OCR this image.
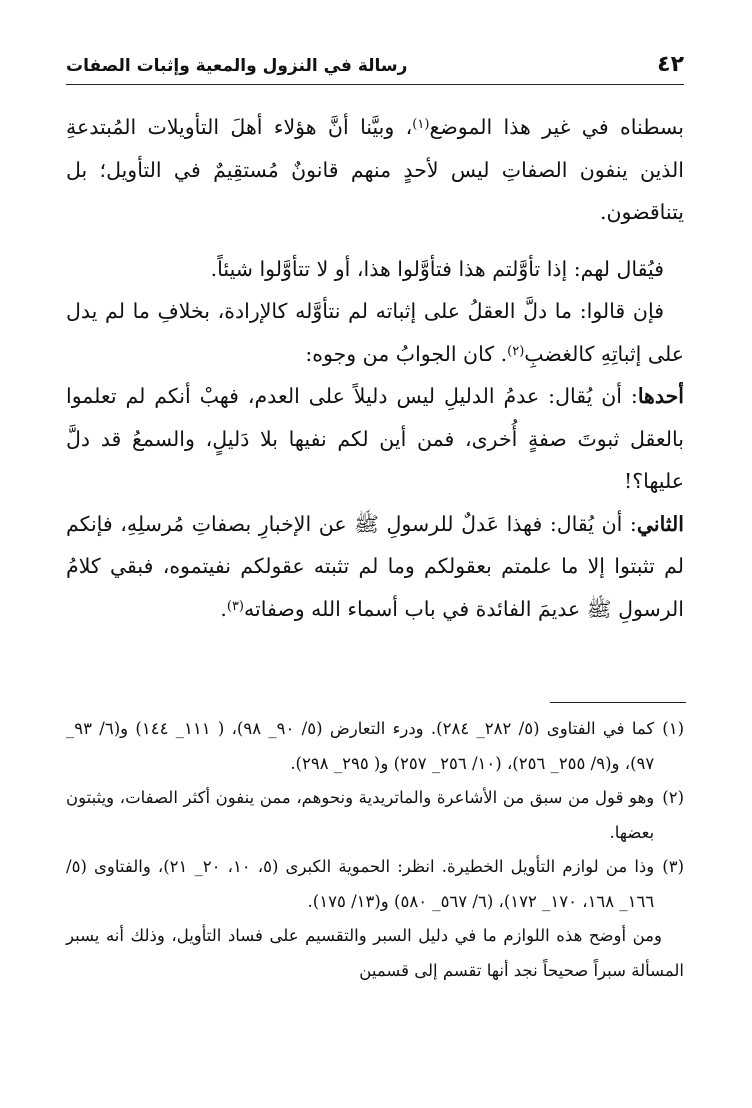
٤٢
رسالة في النزول والمعية وإثبات الصفات

بسطناه في غير هذا الموضع$^{(١)}$، وبيَّنا أنَّ هؤلاء أهلَ التأويلات المُبتدعةِ الذين ينفون الصفاتِ ليس لأحدٍ منهم قانونٌ مُستقِيمٌ في التأويل؛ بل يتناقضون.

فيُقال لهم: إذا تأوَّلتم هذا فتأوَّلوا هذا، أو لا تتأوَّلوا شيئاً.

فإن قالوا: ما دلَّ العقلُ على إثباته لم نتأوَّله كالإرادة، بخلافِ ما لم يدل على إثباتِهِ كالغضبِ$^{(٢)}$. كان الجوابُ من وجوه:

أحدها: أن يُقال: عدمُ الدليلِ ليس دليلاً على العدم، فهبْ أنكم لم تعلموا بالعقل ثبوتَ صفةٍ أُخرى، فمن أين لكم نفيها بلا دَليلٍ، والسمعُ قد دلَّ عليها؟!

الثاني: أن يُقال: فهذا عَدلٌ للرسولِ ﷺ عن الإخبارِ بصفاتِ مُرسلِهِ، فإنكم لم تثبتوا إلا ما علمتم بعقولكم وما لم تثبته عقولكم نفيتموه، فبقي كلامُ الرسولِ ﷺ عديمَ الفائدة في باب أسماء الله وصفاته$^{(٣)}$.

(١)
كما في الفتاوى (٥/ ٢٨٢_ ٢٨٤). ودرء التعارض (٥/ ٩٠_ ٩٨)، ( ١١١_ ١٤٤) و(٦/ ٩٣_ ٩٧)، و(٩/ ٢٥٥_ ٢٥٦)، (١٠/ ٢٥٦_ ٢٥٧) و( ٢٩٥_ ٢٩٨).
(٢)
وهو قول من سبق من الأشاعرة والماتريدية ونحوهم، ممن ينفون أكثر الصفات، ويثبتون بعضها.
(٣)
وذا من لوازم التأويل الخطيرة. انظر: الحموية الكبرى (٥، ١٠، ٢٠_ ٢١)، والفتاوى (٥/ ١٦٦_ ١٦٨، ١٧٠_ ١٧٢)، (٦/ ٥٦٧_ ٥٨٠) و(١٣/ ١٧٥).
ومن أوضح هذه اللوازم ما في دليل السبر والتقسيم على فساد التأويل، وذلك أنه يسبر المسألة سبراً صحيحاً نجد أنها تقسم إلى قسمين
